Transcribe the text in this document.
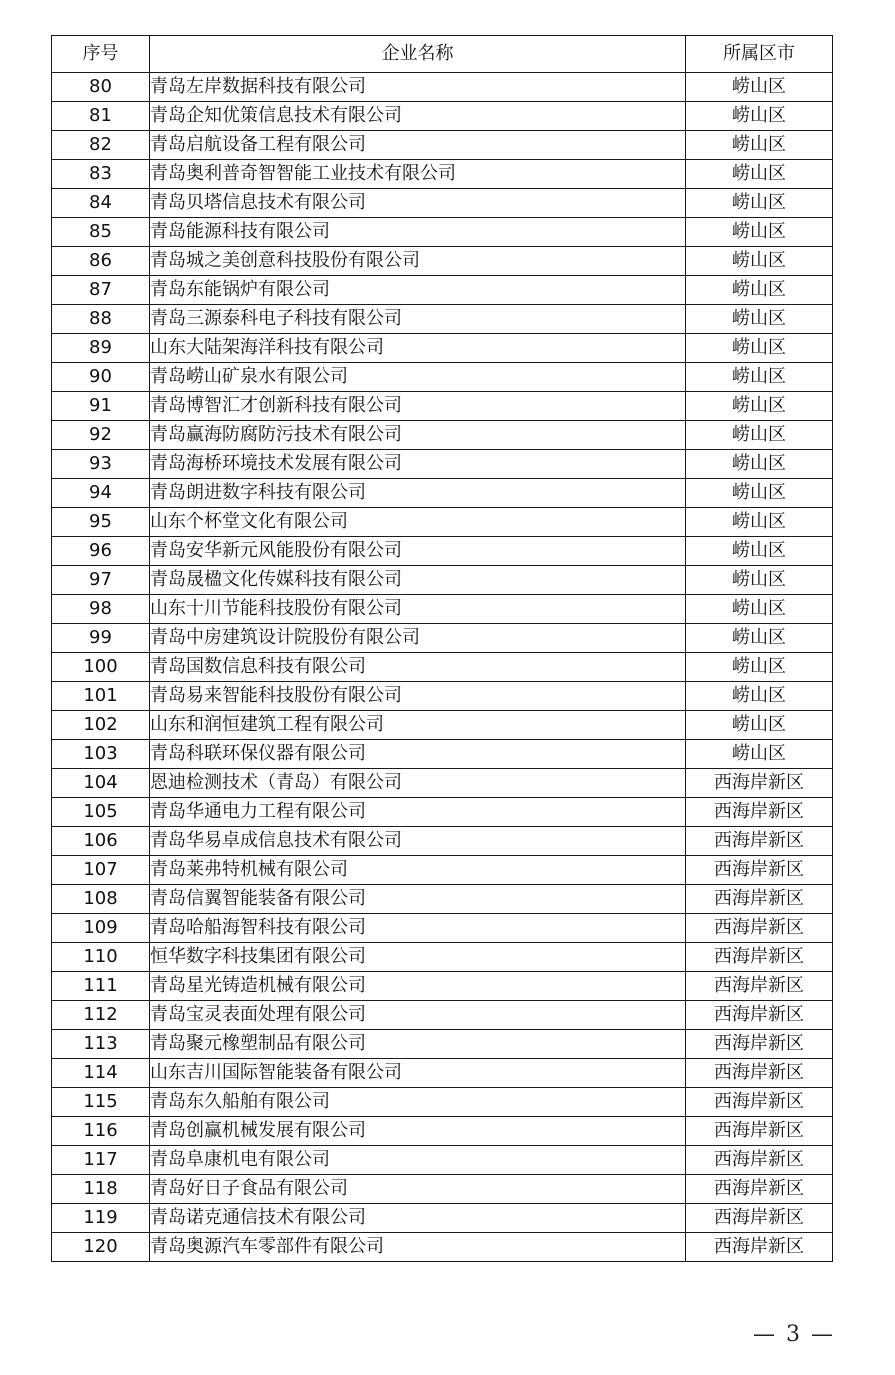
序号	企业名称	所属区市
80	青岛左岸数据科技有限公司	崂山区
81	青岛企知优策信息技术有限公司	崂山区
82	青岛启航设备工程有限公司	崂山区
83	青岛奥利普奇智智能工业技术有限公司	崂山区
84	青岛贝塔信息技术有限公司	崂山区
85	青岛能源科技有限公司	崂山区
86	青岛城之美创意科技股份有限公司	崂山区
87	青岛东能锅炉有限公司	崂山区
88	青岛三源泰科电子科技有限公司	崂山区
89	山东大陆架海洋科技有限公司	崂山区
90	青岛崂山矿泉水有限公司	崂山区
91	青岛博智汇才创新科技有限公司	崂山区
92	青岛赢海防腐防污技术有限公司	崂山区
93	青岛海桥环境技术发展有限公司	崂山区
94	青岛朗进数字科技有限公司	崂山区
95	山东个杯堂文化有限公司	崂山区
96	青岛安华新元风能股份有限公司	崂山区
97	青岛晟楹文化传媒科技有限公司	崂山区
98	山东十川节能科技股份有限公司	崂山区
99	青岛中房建筑设计院股份有限公司	崂山区
100	青岛国数信息科技有限公司	崂山区
101	青岛易来智能科技股份有限公司	崂山区
102	山东和润恒建筑工程有限公司	崂山区
103	青岛科联环保仪器有限公司	崂山区
104	恩迪检测技术（青岛）有限公司	西海岸新区
105	青岛华通电力工程有限公司	西海岸新区
106	青岛华易卓成信息技术有限公司	西海岸新区
107	青岛莱弗特机械有限公司	西海岸新区
108	青岛信翼智能装备有限公司	西海岸新区
109	青岛哈船海智科技有限公司	西海岸新区
110	恒华数字科技集团有限公司	西海岸新区
111	青岛星光铸造机械有限公司	西海岸新区
112	青岛宝灵表面处理有限公司	西海岸新区
113	青岛聚元橡塑制品有限公司	西海岸新区
114	山东吉川国际智能装备有限公司	西海岸新区
115	青岛东久船舶有限公司	西海岸新区
116	青岛创赢机械发展有限公司	西海岸新区
117	青岛阜康机电有限公司	西海岸新区
118	青岛好日子食品有限公司	西海岸新区
119	青岛诺克通信技术有限公司	西海岸新区
120	青岛奥源汽车零部件有限公司	西海岸新区
— 3 —
